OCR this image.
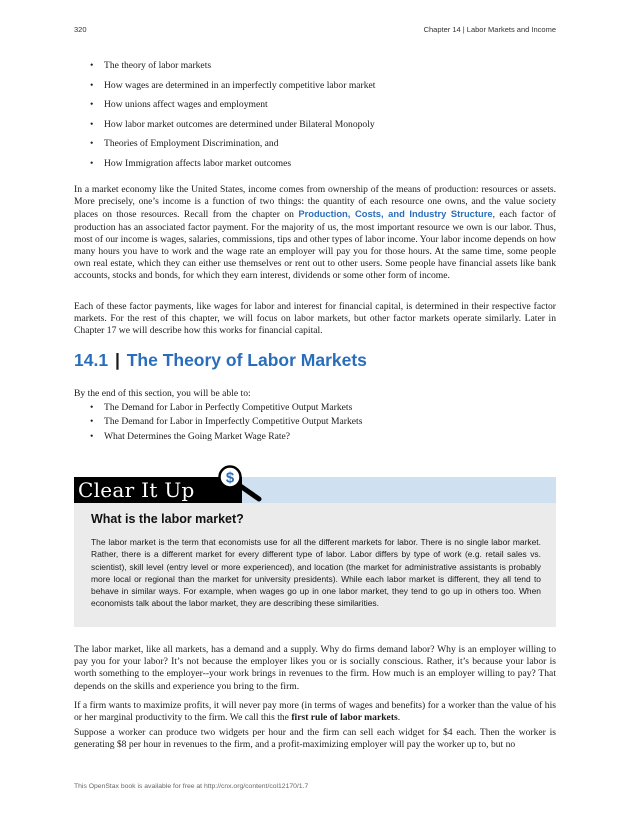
320	Chapter 14 | Labor Markets and Income
• The theory of labor markets
• How wages are determined in an imperfectly competitive labor market
• How unions affect wages and employment
• How labor market outcomes are determined under Bilateral Monopoly
• Theories of Employment Discrimination, and
• How Immigration affects labor market outcomes

In a market economy like the United States, income comes from ownership of the means of production: resources or assets. More precisely, one’s income is a function of two things: the quantity of each resource one owns, and the value society places on those resources. Recall from the chapter on Production, Costs, and Industry Structure, each factor of production has an associated factor payment. For the majority of us, the most important resource we own is our labor. Thus, most of our income is wages, salaries, commissions, tips and other types of labor income. Your labor income depends on how many hours you have to work and the wage rate an employer will pay you for those hours. At the same time, some people own real estate, which they can either use themselves or rent out to other users. Some people have financial assets like bank accounts, stocks and bonds, for which they earn interest, dividends or some other form of income.

Each of these factor payments, like wages for labor and interest for financial capital, is determined in their respective factor markets. For the rest of this chapter, we will focus on labor markets, but other factor markets operate similarly. Later in Chapter 17 we will describe how this works for financial capital.

14.1 | The Theory of Labor Markets

By the end of this section, you will be able to:

• The Demand for Labor in Perfectly Competitive Output Markets
• The Demand for Labor in Imperfectly Competitive Output Markets
• What Determines the Going Market Wage Rate?
Clear It Up $
What is the labor market?

The labor market is the term that economists use for all the different markets for labor. There is no single labor market. Rather, there is a different market for every different type of labor. Labor differs by type of work (e.g. retail sales vs. scientist), skill level (entry level or more experienced), and location (the market for administrative assistants is probably more local or regional than the market for university presidents). While each labor market is different, they all tend to behave in similar ways. For example, when wages go up in one labor market, they tend to go up in others too. When economists talk about the labor market, they are describing these similarities.

The labor market, like all markets, has a demand and a supply. Why do firms demand labor? Why is an employer willing to pay you for your labor? It’s not because the employer likes you or is socially conscious. Rather, it’s because your labor is worth something to the employer--your work brings in revenues to the firm. How much is an employer willing to pay? That depends on the skills and experience you bring to the firm.

If a firm wants to maximize profits, it will never pay more (in terms of wages and benefits) for a worker than the value of his or her marginal productivity to the firm. We call this the first rule of labor markets.

Suppose a worker can produce two widgets per hour and the firm can sell each widget for $4 each. Then the worker is generating $8 per hour in revenues to the firm, and a profit-maximizing employer will pay the worker up to, but no

This OpenStax book is available for free at http://cnx.org/content/col12170/1.7
